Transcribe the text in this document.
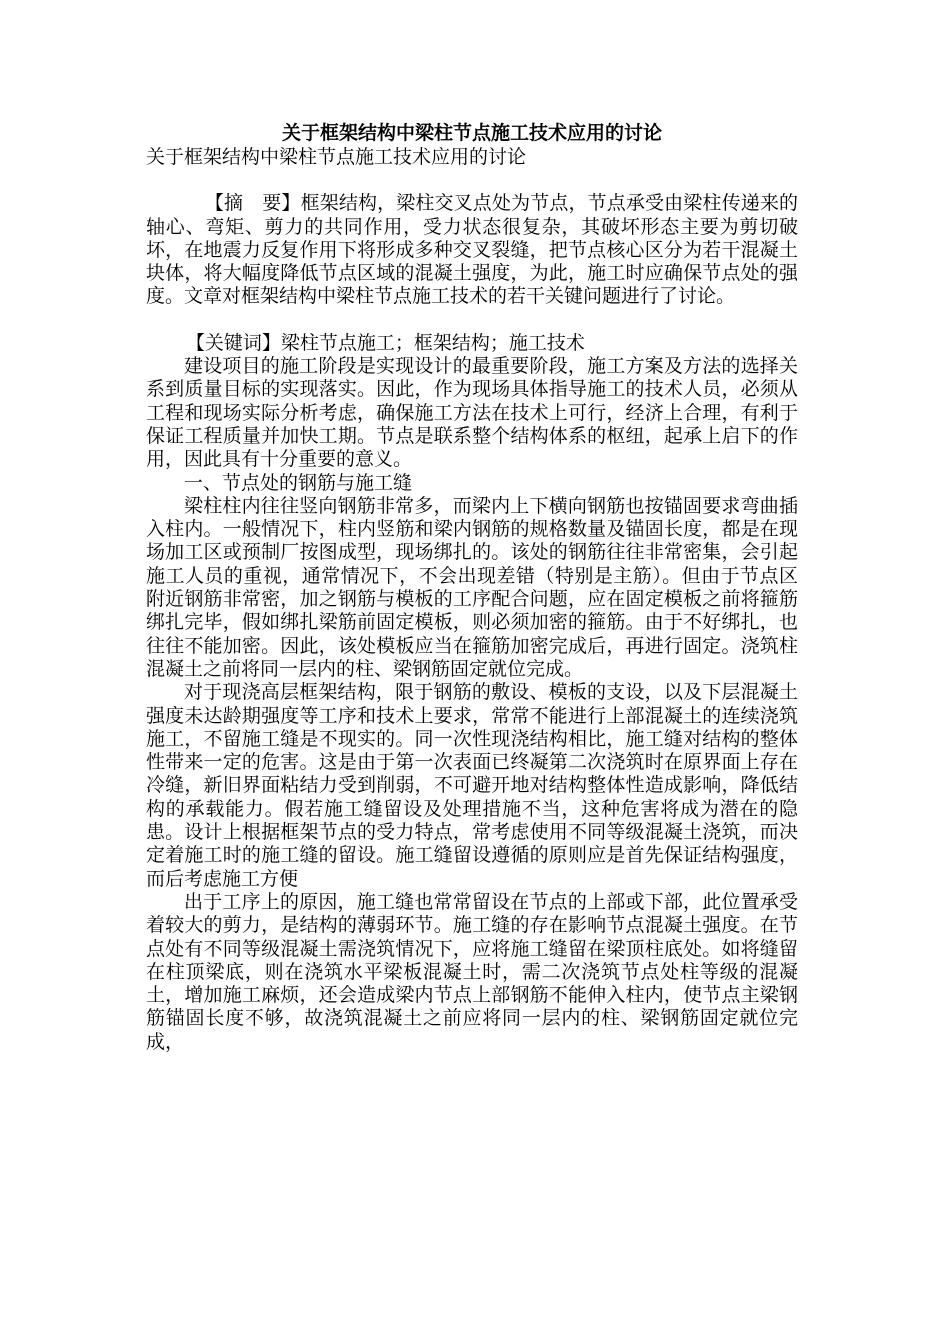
关于框架结构中梁柱节点施工技术应用的讨论

关于框架结构中梁柱节点施工技术应用的讨论

【摘　要】框架结构，梁柱交叉点处为节点，节点承受由梁柱传递来的轴心、弯矩、剪力的共同作用，受力状态很复杂，其破坏形态主要为剪切破坏，在地震力反复作用下将形成多种交叉裂缝，把节点核心区分为若干混凝土块体，将大幅度降低节点区域的混凝土强度，为此，施工时应确保节点处的强度。文章对框架结构中梁柱节点施工技术的若干关键问题进行了讨论。

【关键词】梁柱节点施工；框架结构；施工技术

建设项目的施工阶段是实现设计的最重要阶段，施工方案及方法的选择关系到质量目标的实现落实。因此，作为现场具体指导施工的技术人员，必须从工程和现场实际分析考虑，确保施工方法在技术上可行，经济上合理，有利于保证工程质量并加快工期。节点是联系整个结构体系的枢纽，起承上启下的作用，因此具有十分重要的意义。

一、节点处的钢筋与施工缝

梁柱柱内往往竖向钢筋非常多，而梁内上下横向钢筋也按锚固要求弯曲插入柱内。一般情况下，柱内竖筋和梁内钢筋的规格数量及锚固长度，都是在现场加工区或预制厂按图成型，现场绑扎的。该处的钢筋往往非常密集，会引起施工人员的重视，通常情况下，不会出现差错（特别是主筋）。但由于节点区附近钢筋非常密，加之钢筋与模板的工序配合问题，应在固定模板之前将箍筋绑扎完毕，假如绑扎梁筋前固定模板，则必须加密的箍筋。由于不好绑扎，也往往不能加密。因此，该处模板应当在箍筋加密完成后，再进行固定。浇筑柱混凝土之前将同一层内的柱、梁钢筋固定就位完成。

对于现浇高层框架结构，限于钢筋的敷设、模板的支设，以及下层混凝土强度未达龄期强度等工序和技术上要求，常常不能进行上部混凝土的连续浇筑施工，不留施工缝是不现实的。同一次性现浇结构相比，施工缝对结构的整体性带来一定的危害。这是由于第一次表面已终凝第二次浇筑时在原界面上存在冷缝，新旧界面粘结力受到削弱，不可避开地对结构整体性造成影响，降低结构的承载能力。假若施工缝留设及处理措施不当，这种危害将成为潜在的隐患。设计上根据框架节点的受力特点，常考虑使用不同等级混凝土浇筑，而决定着施工时的施工缝的留设。施工缝留设遵循的原则应是首先保证结构强度，而后考虑施工方便

出于工序上的原因，施工缝也常常留设在节点的上部或下部，此位置承受着较大的剪力，是结构的薄弱环节。施工缝的存在影响节点混凝土强度。在节点处有不同等级混凝土需浇筑情况下，应将施工缝留在梁顶柱底处。如将缝留在柱顶梁底，则在浇筑水平梁板混凝土时，需二次浇筑节点处柱等级的混凝土，增加施工麻烦，还会造成梁内节点上部钢筋不能伸入柱内，使节点主梁钢筋锚固长度不够，故浇筑混凝土之前应将同一层内的柱、梁钢筋固定就位完成，
